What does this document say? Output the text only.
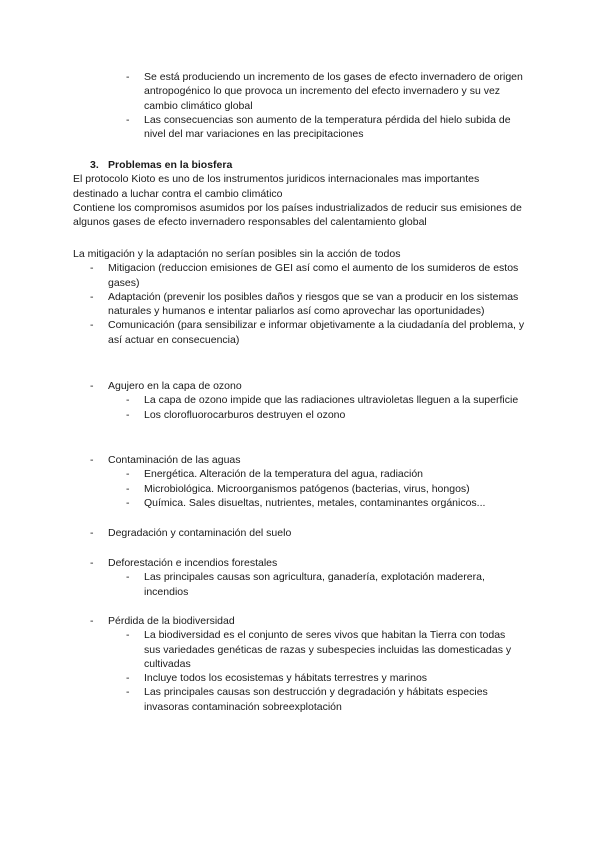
- Se está produciendo un incremento de los gases de efecto invernadero de origen antropogénico lo que provoca un incremento del efecto invernadero y su vez cambio climático global
- Las consecuencias son aumento de la temperatura pérdida del hielo subida de nivel del mar variaciones en las precipitaciones
3. Problemas en la biosfera
El protocolo Kioto es uno de los instrumentos juridicos internacionales mas importantes destinado a luchar contra el cambio climático
Contiene los compromisos asumidos por los países industrializados de reducir sus emisiones de algunos gases de efecto invernadero responsables del calentamiento global
La mitigación y la adaptación no serían posibles sin la acción de todos
- Mitigacion (reduccion emisiones de GEI así como el aumento de los sumideros de estos gases)
- Adaptación (prevenir los posibles daños y riesgos que se van a producir en los sistemas naturales y humanos e intentar paliarlos así como aprovechar las oportunidades)
- Comunicación (para sensibilizar e informar objetivamente a la ciudadanía del problema, y así actuar en consecuencia)
- Agujero en la capa de ozono
- La capa de ozono impide que las radiaciones ultravioletas lleguen a la superficie
- Los clorofluorocarburos destruyen el ozono
- Contaminación de las aguas
- Energética. Alteración de la temperatura del agua, radiación
- Microbiológica. Microorganismos patógenos (bacterias, virus, hongos)
- Química. Sales disueltas, nutrientes, metales, contaminantes orgánicos...
- Degradación y contaminación del suelo
- Deforestación e incendios forestales
- Las principales causas son agricultura, ganadería, explotación maderera, incendios
- Pérdida de la biodiversidad
- La biodiversidad es el conjunto de seres vivos que habitan la Tierra con todas sus variedades genéticas de razas y subespecies incluidas las domesticadas y cultivadas
- Incluye todos los ecosistemas y hábitats terrestres y marinos
- Las principales causas son destrucción y degradación y hábitats especies invasoras contaminación sobreexplotación
